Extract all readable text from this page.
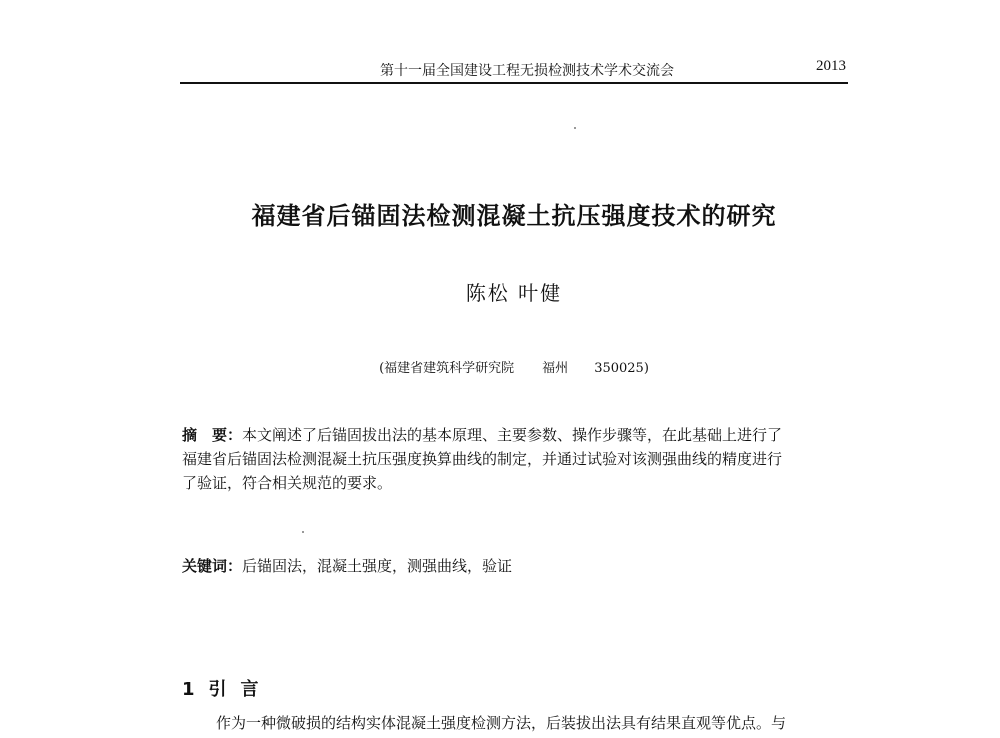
第十一届全国建设工程无损检测技术学术交流会	2013
福建省后锚固法检测混凝土抗压强度技术的研究
陈松 叶健
(福建省建筑科学研究院 福州 350025)
摘　要：本文阐述了后锚固拔出法的基本原理、主要参数、操作步骤等，在此基础上进行了
福建省后锚固法检测混凝土抗压强度换算曲线的制定，并通过试验对该测强曲线的精度进行
了验证，符合相关规范的要求。
关键词：后锚固法，混凝土强度，测强曲线，验证
1 引言
作为一种微破损的结构实体混凝土强度检测方法，后装拔出法具有结果直观等优点。与
